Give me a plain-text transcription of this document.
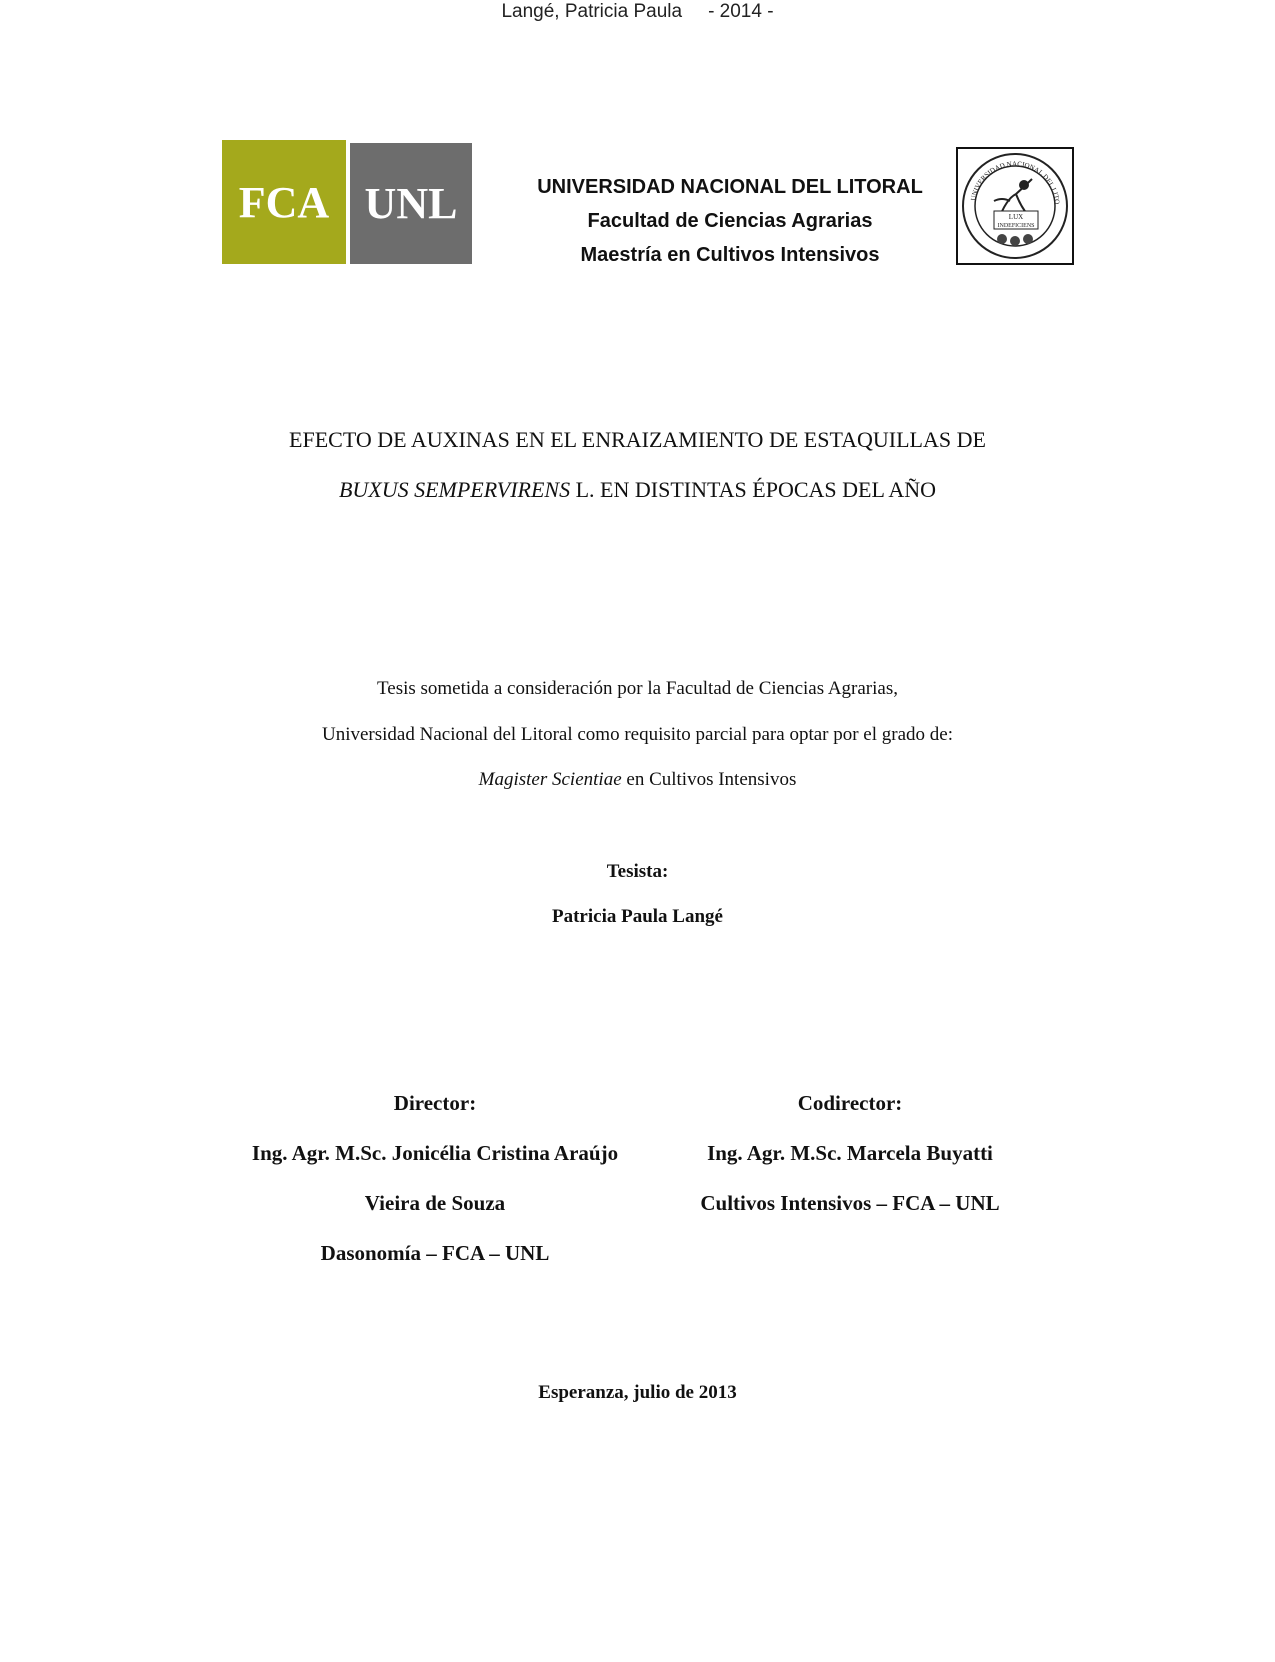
Langé, Patricia Paula - 2014 -
FCA UNL	UNIVERSIDAD NACIONAL DEL LITORAL
Facultad de Ciencias Agrarias
Maestría en Cultivos Intensivos
UNIVERSIDAD NACIONAL DEL LITO
LUX
INDEFICIENS
EFECTO DE AUXINAS EN EL ENRAIZAMIENTO DE ESTAQUILLAS DE
BUXUS SEMPERVIRENS L. EN DISTINTAS ÉPOCAS DEL AÑO
Tesis sometida a consideración por la Facultad de Ciencias Agrarias,
Universidad Nacional del Litoral como requisito parcial para optar por el grado de:
Magister Scientiae en Cultivos Intensivos
Tesista:
Patricia Paula Langé
Director:
Ing. Agr. M.Sc. Jonicélia Cristina Araújo
Vieira de Souza
Dasonomía – FCA – UNL
Codirector:
Ing. Agr. M.Sc. Marcela Buyatti
Cultivos Intensivos – FCA – UNL
Esperanza, julio de 2013
